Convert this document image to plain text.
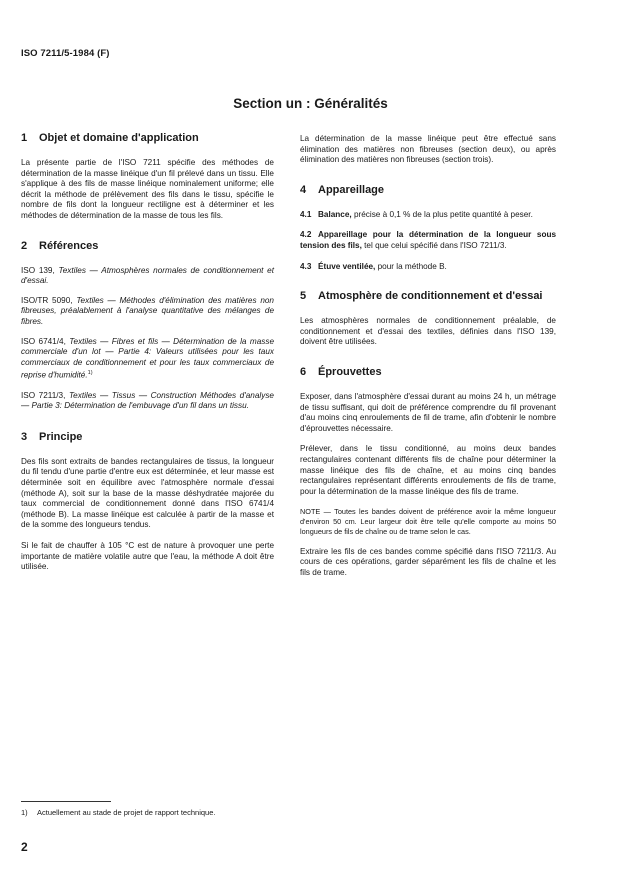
ISO 7211/5-1984 (F)
Section un : Généralités
1 Objet et domaine d'application

La présente partie de l'ISO 7211 spécifie des méthodes de détermination de la masse linéique d'un fil prélevé dans un tissu. Elle s'applique à des fils de masse linéique nominalement uniforme; elle décrit la méthode de prélèvement des fils dans le tissu, spécifie le nombre de fils dont la longueur rectiligne est à déterminer et les méthodes de détermination de la masse de tous les fils.

2 Références
ISO 139, Textiles — Atmosphères normales de conditionnement et d'essai.
ISO/TR 5090, Textiles — Méthodes d'élimination des matières non fibreuses, préalablement à l'analyse quantitative des mélanges de fibres.
ISO 6741/4, Textiles — Fibres et fils — Détermination de la masse commerciale d'un lot — Partie 4: Valeurs utilisées pour les taux commerciaux de conditionnement et pour les taux commerciaux de reprise d'humidité.$^{1)}$
ISO 7211/3, Textiles — Tissus — Construction Méthodes d'analyse — Partie 3: Détermination de l'embuvage d'un fil dans un tissu.
3 Principe

Des fils sont extraits de bandes rectangulaires de tissus, la longueur du fil tendu d'une partie d'entre eux est déterminée, et leur masse est déterminée soit en équilibre avec l'atmosphère normale d'essai (méthode A), soit sur la base de la masse déshydratée majorée du taux commercial de conditionnement donné dans l'ISO 6741/4 (méthode B). La masse linéique est calculée à partir de la masse et de la somme des longueurs tendus.

Si le fait de chauffer à 105 °C est de nature à provoquer une perte importante de matière volatile autre que l'eau, la méthode A doit être utilisée.

La détermination de la masse linéique peut être effectué sans élimination des matières non fibreuses (section deux), ou après élimination des matières non fibreuses (section trois).

4 Appareillage

4.1 Balance, précise à 0,1 % de la plus petite quantité à peser.

4.2 Appareillage pour la détermination de la longueur sous tension des fils, tel que celui spécifié dans l'ISO 7211/3.

4.3 Étuve ventilée, pour la méthode B.

5 Atmosphère de conditionnement et d'essai

Les atmosphères normales de conditionnement préalable, de conditionnement et d'essai des textiles, définies dans l'ISO 139, doivent être utilisées.

6 Éprouvettes

Exposer, dans l'atmosphère d'essai durant au moins 24 h, un métrage de tissu suffisant, qui doit de préférence comprendre du fil provenant d'au moins cinq enroulements de fil de trame, afin d'obtenir le nombre d'éprouvettes nécessaire.

Prélever, dans le tissu conditionné, au moins deux bandes rectangulaires contenant différents fils de chaîne pour déterminer la masse linéique des fils de chaîne, et au moins cinq bandes rectangulaires représentant différents enroulements de fils de trame, pour la détermination de la masse linéique des fils de trame.

NOTE — Toutes les bandes doivent de préférence avoir la même longueur d'environ 50 cm. Leur largeur doit être telle qu'elle comporte au moins 50 longueurs de fils de chaîne ou de trame selon le cas.

Extraire les fils de ces bandes comme spécifié dans l'ISO 7211/3. Au cours de ces opérations, garder séparément les fils de chaîne et les fils de trame.

1) Actuellement au stade de projet de rapport technique.
2
